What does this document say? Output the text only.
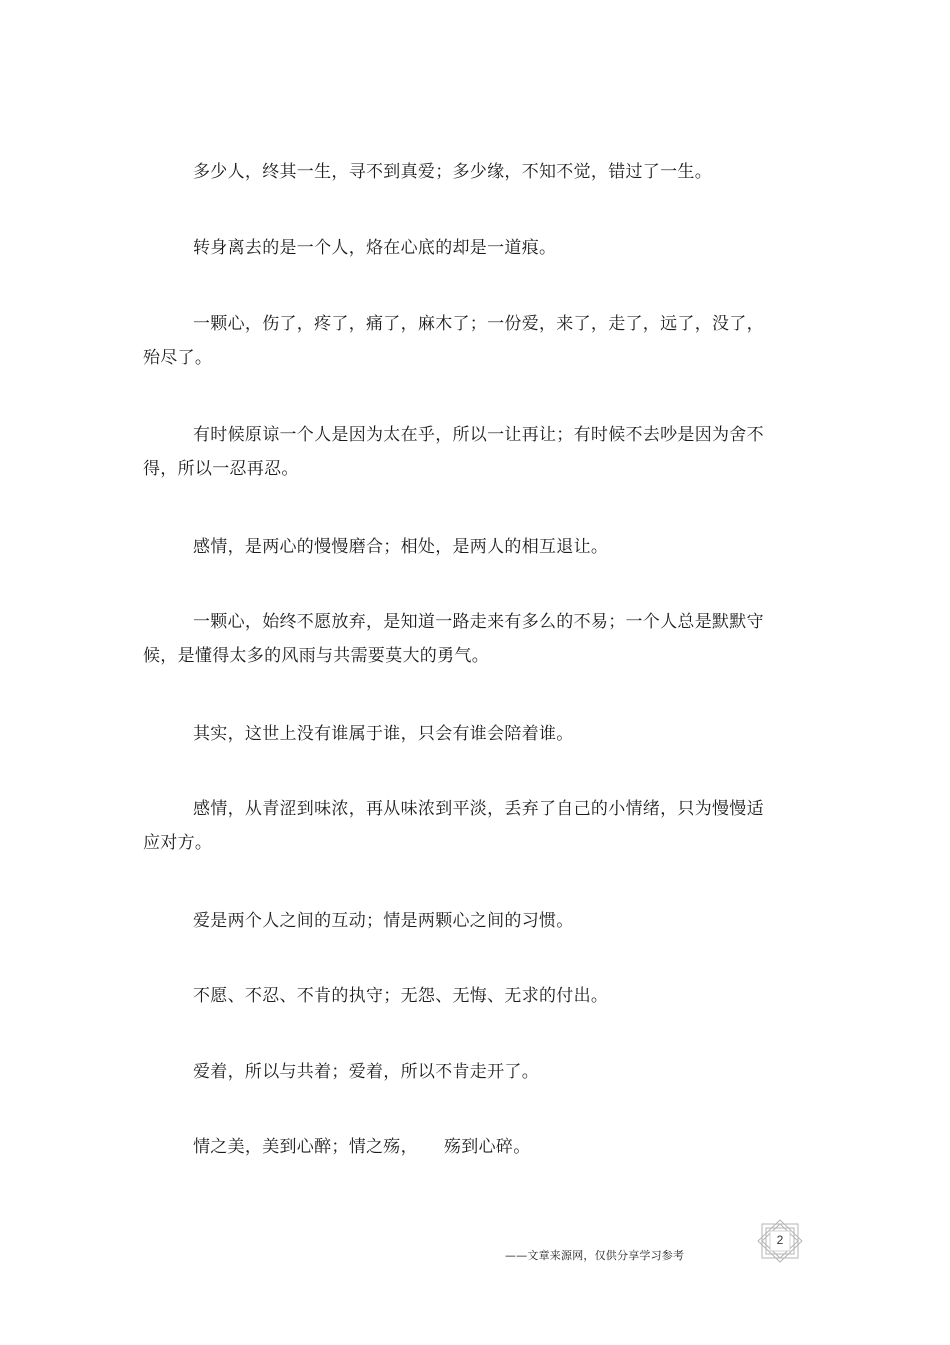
多少人，终其一生，寻不到真爱；多少缘，不知不觉，错过了一生。

转身离去的是一个人，烙在心底的却是一道痕。

一颗心，伤了，疼了，痛了，麻木了；一份爱，来了，走了，远了，没了，殆尽了。

有时候原谅一个人是因为太在乎，所以一让再让；有时候不去吵是因为舍不得，所以一忍再忍。

感情，是两心的慢慢磨合；相处，是两人的相互退让。

一颗心，始终不愿放弃，是知道一路走来有多么的不易；一个人总是默默守候，是懂得太多的风雨与共需要莫大的勇气。

其实，这世上没有谁属于谁，只会有谁会陪着谁。

感情，从青涩到味浓，再从味浓到平淡，丢弃了自己的小情绪，只为慢慢适应对方。

爱是两个人之间的互动；情是两颗心之间的习惯。

不愿、不忍、不肯的执守；无怨、无悔、无求的付出。

爱着，所以与共着；爱着，所以不肯走开了。

情之美，美到心醉；情之殇，　　殇到心碎。

——文章来源网，仅供分享学习参考
2
